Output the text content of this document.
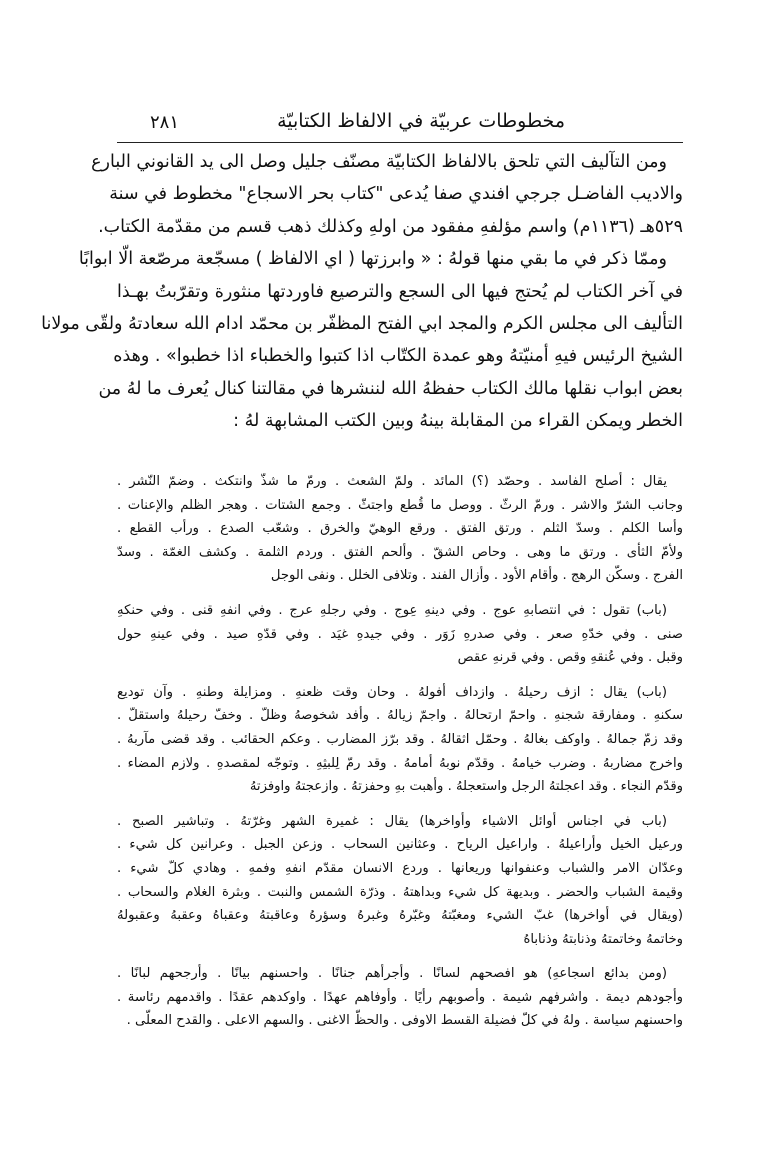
مخطوطات عربيّة في الالفاظ الكتابيّة
٢٨١
ومن التآليف التي تلحق بالالفاظ الكتابيّة مصنّف جليل وصل الى يد القانوني البارع
والاديب الفاضـل جرجي افندي صفا يُدعى "كتاب بحر الاسجاع" مخطوط في سنة
٥٢٩هـ (١١٣٦م) واسم مؤلفهِ مفقود من اولهِ وكذلك ذهب قسم من مقدّمة الكتاب.
وممّا ذكر في ما بقي منها قولهُ : « وابرزتها ( اي الالفاظ ) مسجّعة مرصّعة الّا ابوابًا
في آخر الكتاب لم يُحتج فيها الى السجع والترصيع فاوردتها منثورة وتقرّبتُ بهـذا
التأليف الى مجلس الكرم والمجد ابي الفتح المظفّر بن محمّد ادام الله سعادتهُ ولقّى مولانا
الشيخ الرئيس فيهِ أمنيّتهُ وهو عمدة الكتّاب اذا كتبوا والخطباء اذا خطبوا» . وهذه
بعض ابواب نقلها مالك الكتاب حفظهُ الله لننشرها في مقالتنا كنال يُعرف ما لهُ من
الخطر ويمكن القراء من المقابلة بينهُ وبين الكتب المشابهة لهُ :
يقال : أصلح الفاسد . وحصّد (؟) المائد . ولمّ الشعث . ورمّ ما شذّ وانتكث . وضمّ النّشر .
وجانب الشرّ والاشر . ورمّ الرثّ . ووصل ما قُطع واجتثّ . وجمع الشتات . وهجر الظلم والإعنات .
وأسا الكلم . وسدّ الثلم . ورتق الفتق . ورقع الوهيّ والخرق . وشعّب الصدع . ورأب القطع .
ولأمّ الثأى . ورتق ما وهى . وحاص الشقّ . وألحم الفتق . وردم الثلمة . وكشف الغمّة . وسدّ
الفرج . وسكّن الرهج . وأقام الأود . وأزال الفند . وتلافى الخلل . ونفى الوجل
(باب) تقول : في انتصابهِ عوج . وفي دينهِ عِوج . وفي رجلهِ عرج . وفي انفهِ قنى . وفي حنكهِ
صنى . وفي خدّهِ صعر . وفي صدرهِ زَوَر . وفي جيدهِ غيَد . وفي قدّهِ صيد . وفي عينهِ حول
وقبل . وفي عُنقهِ وقص . وفي قرنهِ عقص
(باب) يقال : ازف رحيلهُ . وازداف أفولهُ . وحان وقت ظعنهِ . ومزايلة وطنهِ . وآن توديع
سكنهِ . ومفارقة شجنهِ . واحمّ ارتحالهُ . واجمّ زيالهُ . وأفد شخوصهُ وظلّ . وخفّ رحيلهُ واستقلّ .
وقد زمّ جمالهُ . واوكف بغالهُ . وحمّل اثقالهُ . وقد برّز المضارب . وعكم الحقائب . وقد قضى مآربهُ .
واخرج مضاربهُ . وضرب خيامهُ . وقدّم نوبهُ أمامهُ . وقد رمّ لِلبثِهِ . وتوجّه لمقصدهِ . ولازم المضاء .
وقدّم النجاء . وقد اعجلتهُ الرجل واستعجلهُ . وأهبت بهِ وحفزتهُ . وازعجتهُ واوفزتهُ
(باب في اجناس أوائل الاشياء وأواخرها) يقال : غميرة الشهر وغرّتهُ . وتباشير الصبح .
ورعيل الخيل وأراعيلهُ . واراعيل الرياح . وعثانين السحاب . وزعن الجبل . وعرانين كل شيء .
وعدّان الامر والشباب وعنفوانها وريعانها . وردع الانسان مقدّم انفهِ وفمهِ . وهادي كلّ شيء .
وقيمة الشباب والحضر . وبديهة كل شيء وبداهتهُ . وذرّة الشمس والنبت . وبثرة الغلام والسحاب .
(ويقال في أواخرها) غبّ الشيء ومغبّتهُ وغبّرهُ وغبرهُ وسؤرهُ وعاقبتهُ وعقباهُ وعقبهُ وعقبولهُ
وخاتمهُ وخاتمتهُ وذنابتهُ وذناباهُ
(ومن بدائع اسجاعهِ) هو افصحهم لسانًا . وأجرأهم جنانًا . واحسنهم بيانًا . وأرجحهم لبانًا .
وأجودهم ديمة . واشرفهم شيمة . وأصوبهم رأيًا . وأوفاهم عهدًا . واوكدهم عقدًا . واقدمهم رئاسة .
واحسنهم سياسة . ولهُ في كلّ فضيلة القسط الاوفى . والحظّ الاغنى . والسهم الاعلى . والقدح المعلّى .
